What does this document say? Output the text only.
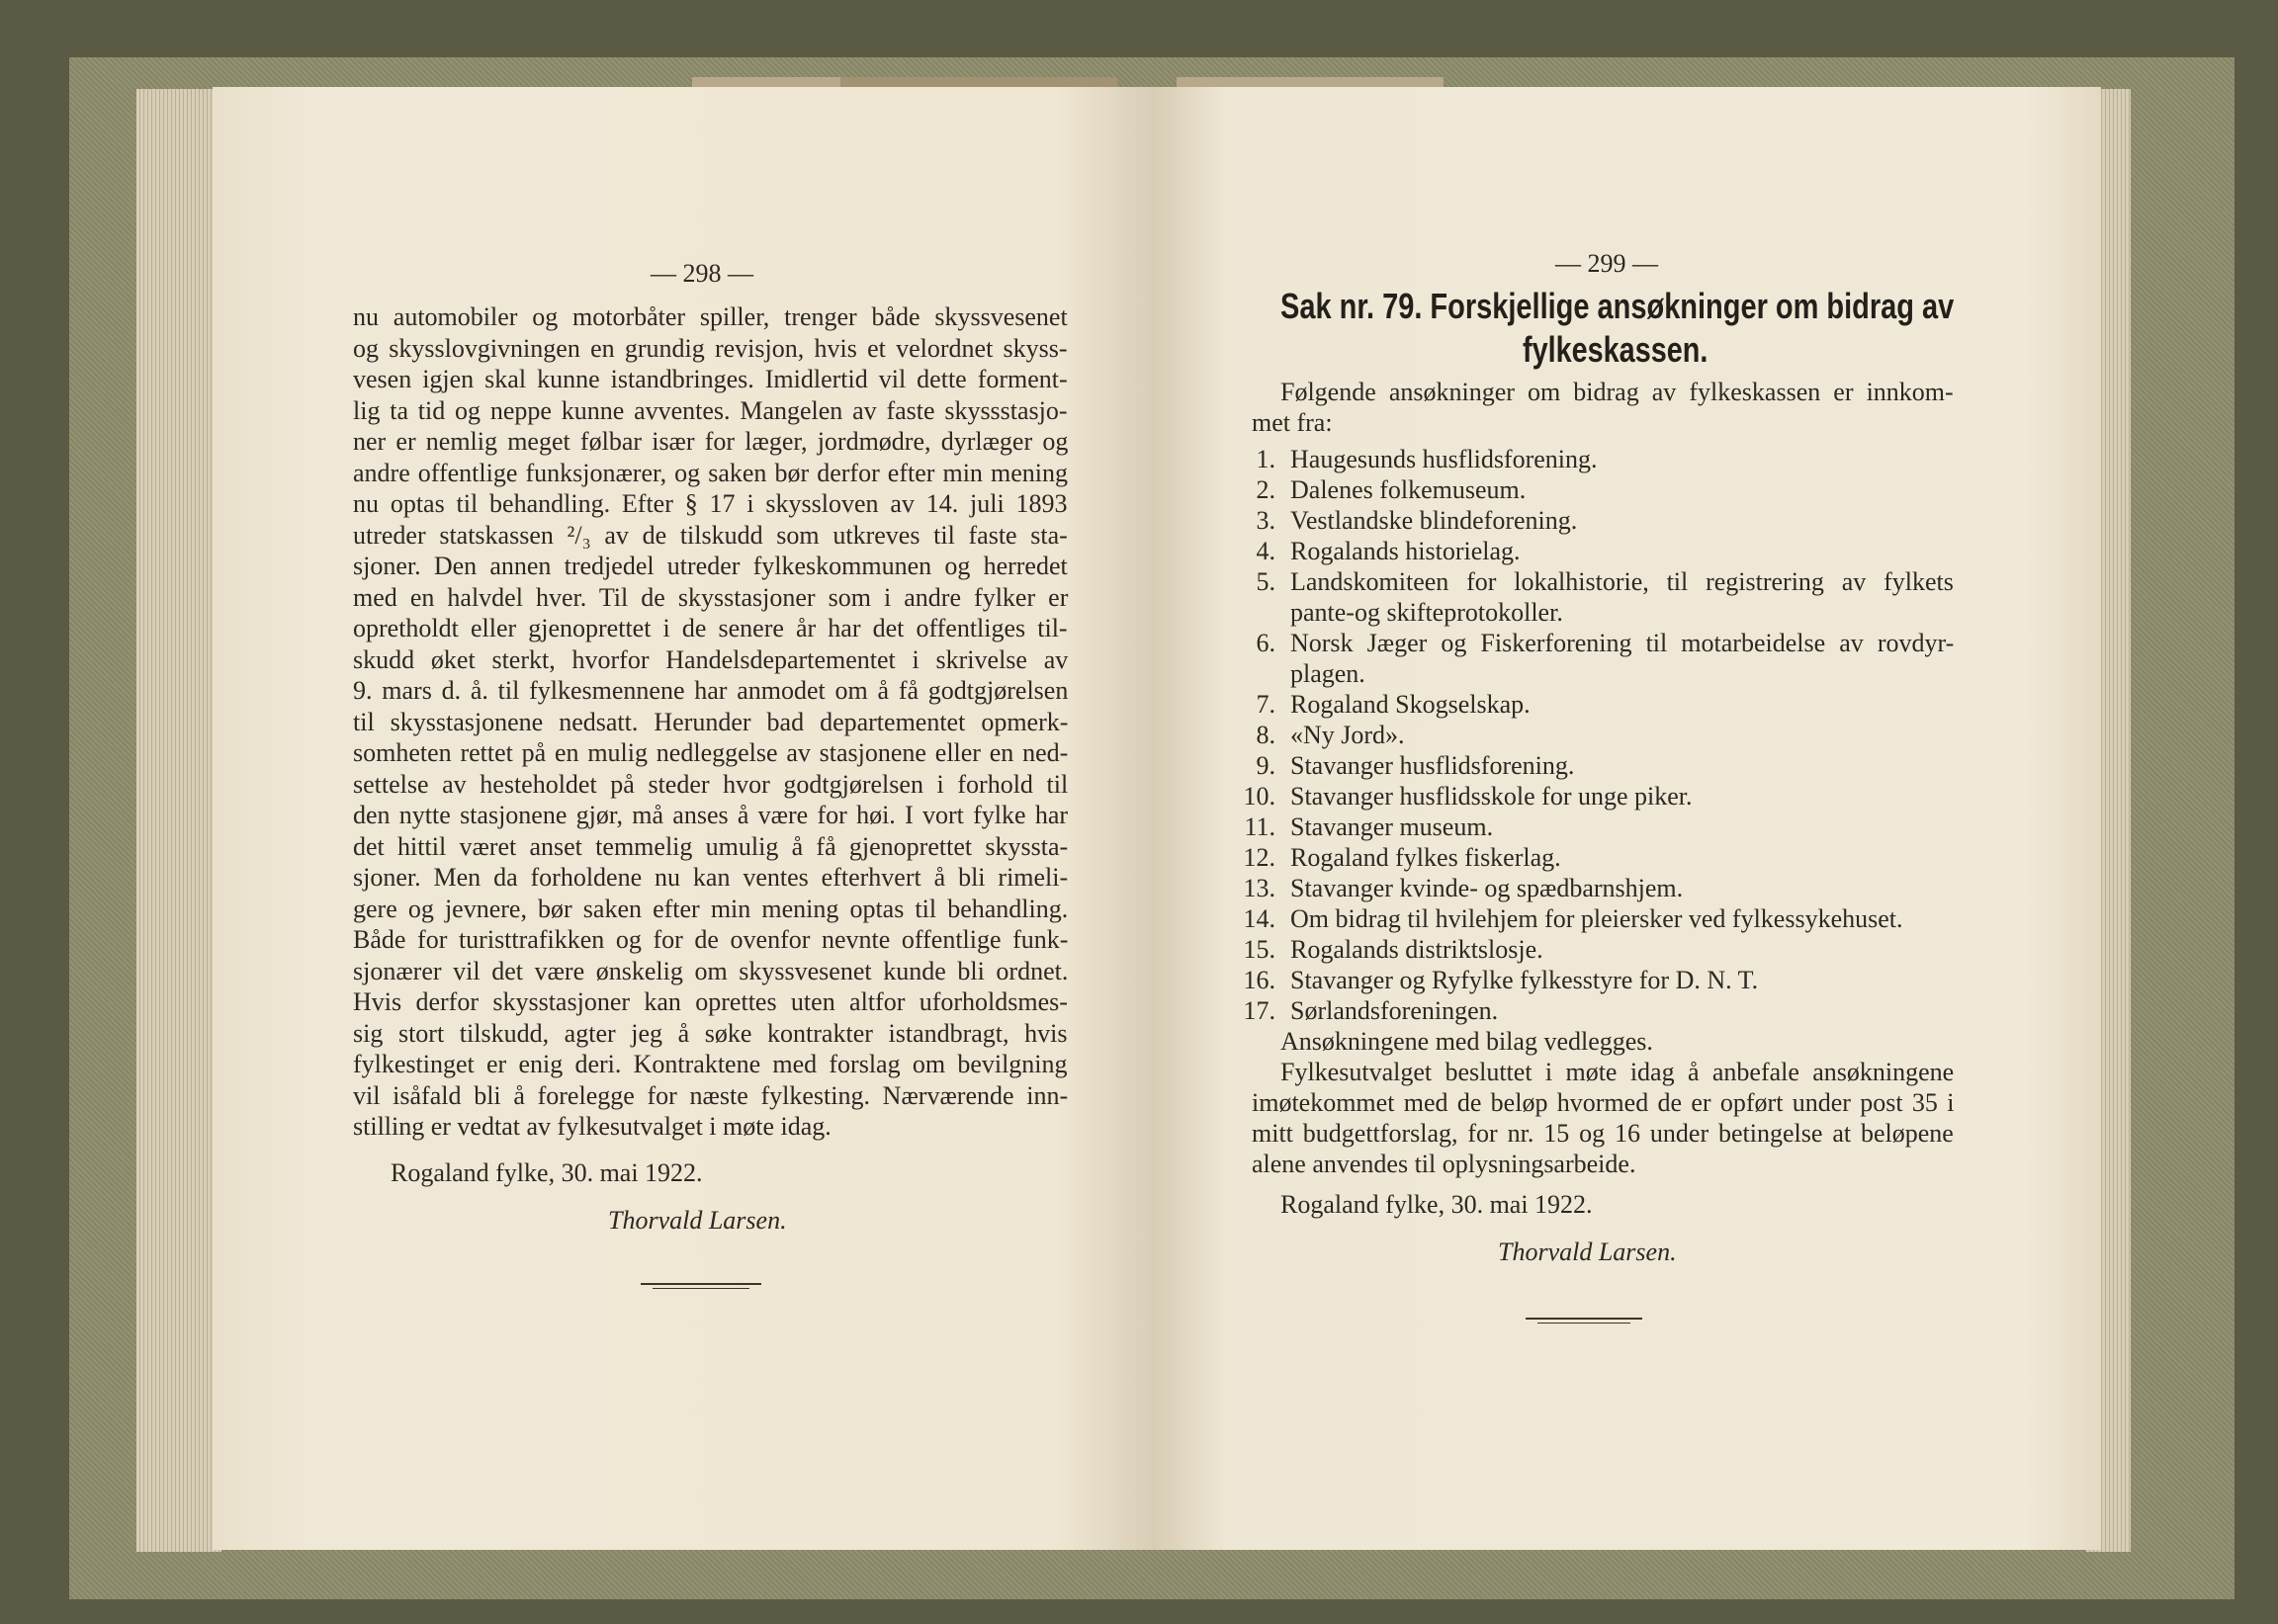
— 298 —
nu automobiler og motorbåter spiller, trenger både skyssvesenet
og skysslovgivningen en grundig revisjon, hvis et velordnet skyss-
vesen igjen skal kunne istandbringes. Imidlertid vil dette forment-
lig ta tid og neppe kunne avventes. Mangelen av faste skyssstasjo-
ner er nemlig meget følbar især for læger, jordmødre, dyrlæger og
andre offentlige funksjonærer, og saken bør derfor efter min mening
nu optas til behandling. Efter § 17 i skyssloven av 14. juli 1893
utreder statskassen ²/₃ av de tilskudd som utkreves til faste sta-
sjoner. Den annen tredjedel utreder fylkeskommunen og herredet
med en halvdel hver. Til de skysstasjoner som i andre fylker er
opretholdt eller gjenoprettet i de senere år har det offentliges til-
skudd øket sterkt, hvorfor Handelsdepartementet i skrivelse av
9. mars d. å. til fylkesmennene har anmodet om å få godtgjørelsen
til skysstasjonene nedsatt. Herunder bad departementet opmerk-
somheten rettet på en mulig nedleggelse av stasjonene eller en ned-
settelse av hesteholdet på steder hvor godtgjørelsen i forhold til
den nytte stasjonene gjør, må anses å være for høi. I vort fylke har
det hittil været anset temmelig umulig å få gjenoprettet skyssta-
sjoner. Men da forholdene nu kan ventes efterhvert å bli rimeli-
gere og jevnere, bør saken efter min mening optas til behandling.
Både for turisttrafikken og for de ovenfor nevnte offentlige funk-
sjonærer vil det være ønskelig om skyssvesenet kunde bli ordnet.
Hvis derfor skysstasjoner kan oprettes uten altfor uforholdsmes-
sig stort tilskudd, agter jeg å søke kontrakter istandbragt, hvis
fylkestinget er enig deri. Kontraktene med forslag om bevilgning
vil isåfald bli å forelegge for næste fylkesting. Nærværende inn-
stilling er vedtat av fylkesutvalget i møte idag.
Rogaland fylke, 30. mai 1922.
Thorvald Larsen.
— 299 —
Sak nr. 79. Forskjellige ansøkninger om bidrag av
fylkeskassen.
Følgende ansøkninger om bidrag av fylkeskassen er innkom-
met fra:
1. Haugesunds husflidsforening.
2. Dalenes folkemuseum.
3. Vestlandske blindeforening.
4. Rogalands historielag.
5. Landskomiteen for lokalhistorie, til registrering av fylkets
pante-og skifteprotokoller.
6. Norsk Jæger og Fiskerforening til motarbeidelse av rovdyr-
plagen.
7. Rogaland Skogselskap.
8. «Ny Jord».
9. Stavanger husflidsforening.
10. Stavanger husflidsskole for unge piker.
11. Stavanger museum.
12. Rogaland fylkes fiskerlag.
13. Stavanger kvinde- og spædbarnshjem.
14. Om bidrag til hvilehjem for pleiersker ved fylkessykehuset.
15. Rogalands distriktslosje.
16. Stavanger og Ryfylke fylkesstyre for D. N. T.
17. Sørlandsforeningen.
Ansøkningene med bilag vedlegges.
Fylkesutvalget besluttet i møte idag å anbefale ansøkningene
imøtekommet med de beløp hvormed de er opført under post 35 i
mitt budgettforslag, for nr. 15 og 16 under betingelse at beløpene
alene anvendes til oplysningsarbeide.
Rogaland fylke, 30. mai 1922.
Thorvald Larsen.
